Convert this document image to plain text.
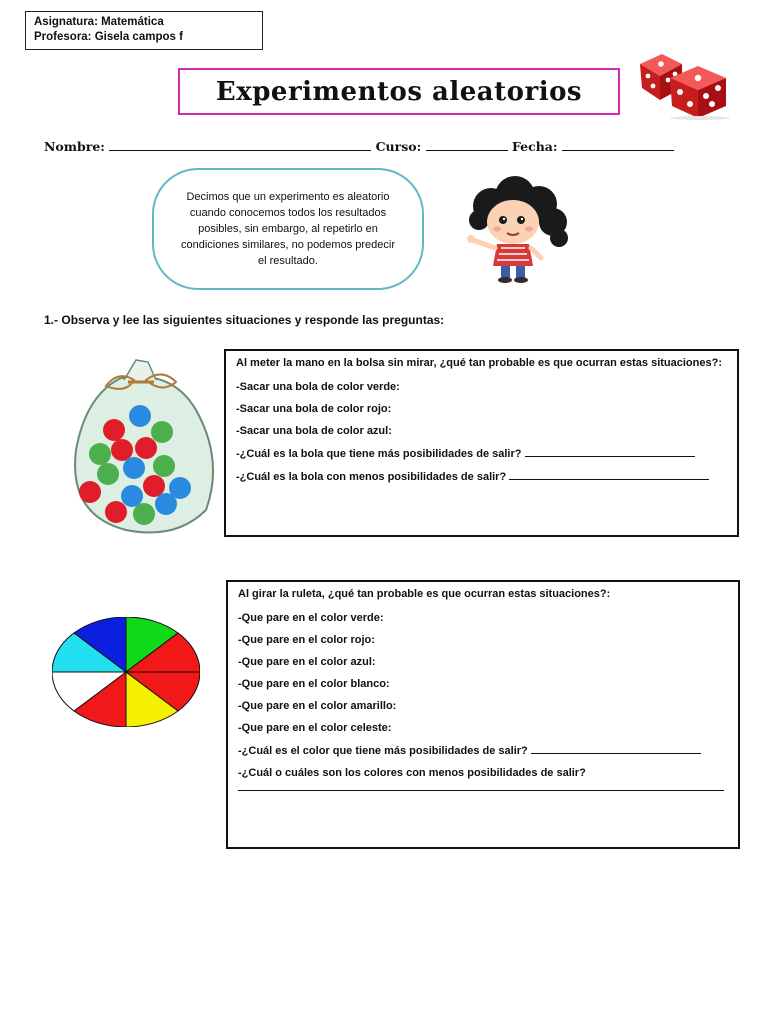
Asignatura: Matemática
Profesora: Gisela campos f
Experimentos aleatorios
Nombre:	Curso:	Fecha:
Decimos que un experimento es aleatorio cuando conocemos todos los resultados posibles, sin embargo, al repetirlo en condiciones similares, no podemos predecir el resultado.
1.- Observa y lee las siguientes situaciones y responde las preguntas:
Al meter la mano en la bolsa sin mirar, ¿qué tan probable es que ocurran estas situaciones?:
-Sacar una bola de color verde:
-Sacar una bola de color rojo:
-Sacar una bola de color azul:
-¿Cuál es la bola que tiene más posibilidades de salir?
-¿Cuál es la bola con menos posibilidades de salir?
Al girar la ruleta, ¿qué tan probable es que ocurran estas situaciones?:
-Que pare en el color verde:
-Que pare en el color rojo:
-Que pare en el color azul:
-Que pare en el color blanco:
-Que pare en el color amarillo:
-Que pare en el color celeste:
-¿Cuál es el color que tiene más posibilidades de salir?
-¿Cuál o cuáles son los colores con menos posibilidades de salir?
